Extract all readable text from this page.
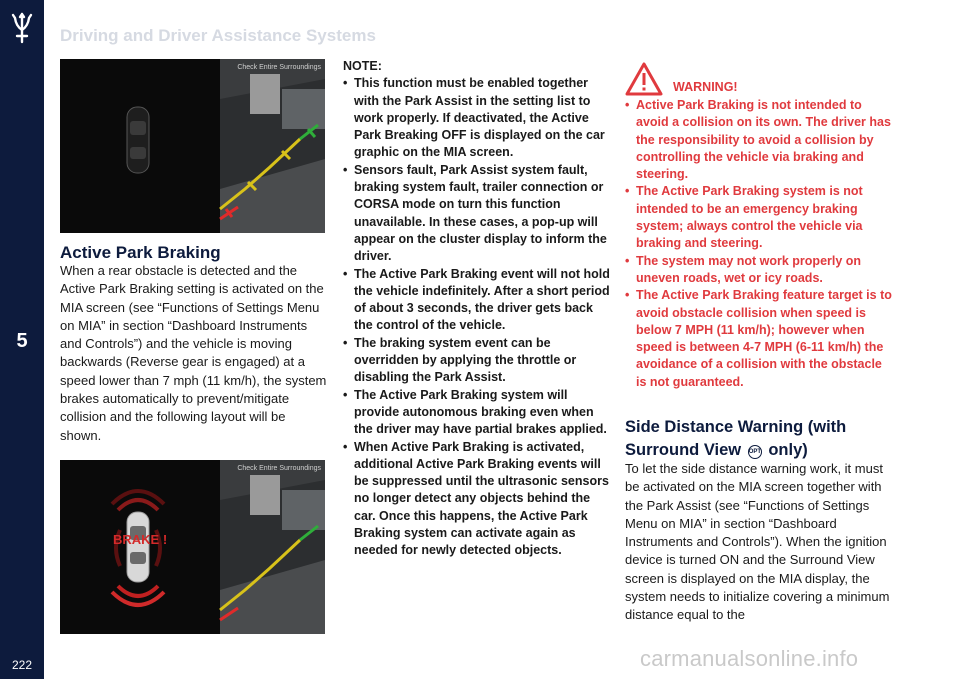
5
222
Driving and Driver Assistance Systems
Check Entire Surroundings
Active Park Braking
When a rear obstacle is detected and the Active Park Braking setting is activated on the MIA screen (see “Functions of Settings Menu on MIA” in section “Dashboard Instruments and Controls”) and the vehicle is moving backwards (Reverse gear is engaged) at a speed lower than 7 mph (11 km/h), the system brakes automatically to prevent/mitigate collision and the following layout will be shown.
Check Entire Surroundings
BRAKE !
NOTE:
• This function must be enabled together with the Park Assist in the setting list to work properly. If deactivated, the Active Park Breaking OFF is displayed on the car graphic on the MIA screen.
• Sensors fault, Park Assist system fault, braking system fault, trailer connection or CORSA mode on turn this function unavailable. In these cases, a pop-up will appear on the cluster display to inform the driver.
• The Active Park Braking event will not hold the vehicle indefinitely. After a short period of about 3 seconds, the driver gets back the control of the vehicle.
• The braking system event can be overridden by applying the throttle or disabling the Park Assist.
• The Active Park Braking system will provide autonomous braking even when the driver may have partial brakes applied.
• When Active Park Braking is activated, additional Active Park Braking events will be suppressed until the ultrasonic sensors no longer detect any objects behind the car. Once this happens, the Active Park Braking system can activate again as needed for newly detected objects.
WARNING!
• Active Park Braking is not intended to avoid a collision on its own. The driver has the responsibility to avoid a collision by controlling the vehicle via braking and steering.
• The Active Park Braking system is not intended to be an emergency braking system; always control the vehicle via braking and steering.
• The system may not work properly on uneven roads, wet or icy roads.
• The Active Park Braking feature target is to avoid obstacle collision when speed is below 7 MPH (11 km/h); however when speed is between 4-7 MPH (6-11 km/h) the avoidance of a collision with the obstacle is not guaranteed.
Side Distance Warning (with
Surround View OPT only)
To let the side distance warning work, it must be activated on the MIA screen together with the Park Assist (see “Functions of Settings Menu on MIA” in section “Dashboard Instruments and Controls”). When the ignition device is turned ON and the Surround View screen is displayed on the MIA display, the system needs to initialize covering a minimum distance equal to the
carmanualsonline.info
